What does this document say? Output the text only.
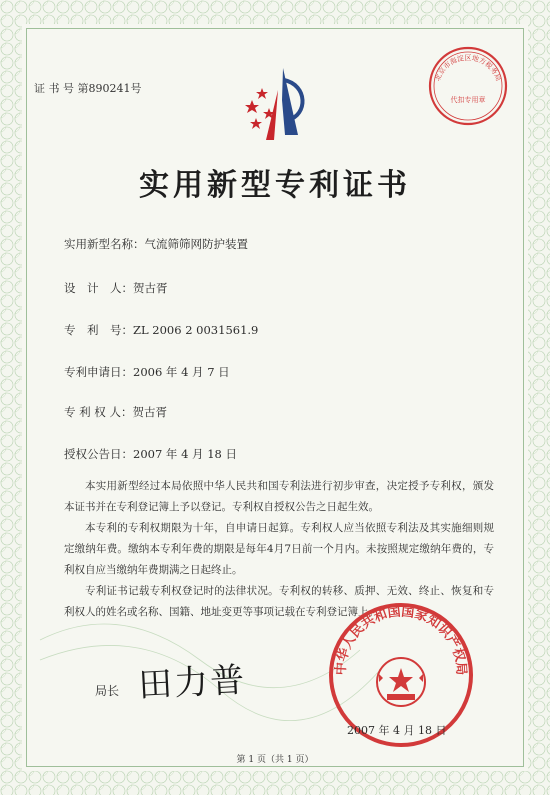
证 书 号 第890241号
北京市海淀区地方税务局
代扣专用章
实用新型专利证书
实用新型名称：气流筛筛网防护装置
设　计　人：贺古胥
专　利　号：ZL 2006 2 0031561.9
专利申请日：2006 年 4 月 7 日
专 利 权 人：贺古胥
授权公告日：2007 年 4 月 18 日

本实用新型经过本局依照中华人民共和国专利法进行初步审查，决定授予专利权，颁发本证书并在专利登记簿上予以登记。专利权自授权公告之日起生效。

本专利的专利权期限为十年，自申请日起算。专利权人应当依照专利法及其实施细则规定缴纳年费。缴纳本专利年费的期限是每年4月7日前一个月内。未按照规定缴纳年费的，专利权自应当缴纳年费期满之日起终止。

专利证书记载专利权登记时的法律状况。专利权的转移、质押、无效、终止、恢复和专利权人的姓名或名称、国籍、地址变更等事项记载在专利登记簿上。

局长 田力普	中华人民共和国国家知识产权局
2007 年 4 月 18 日
第 1 页（共 1 页）
